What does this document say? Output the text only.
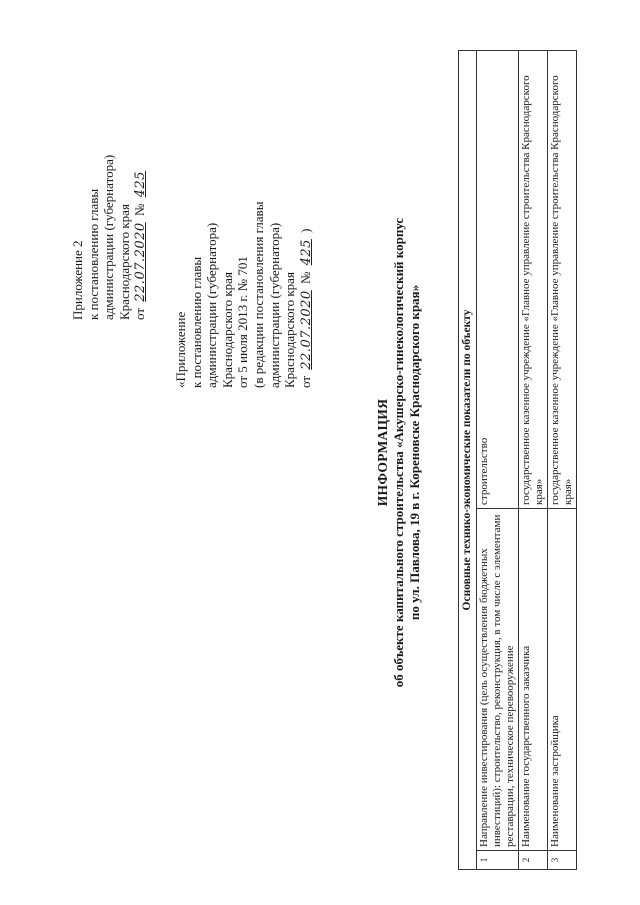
Приложение 2 к постановлению главы администрации (губернатора) Краснодарского края от 22.07.2020 № 425
«Приложение к постановлению главы администрации (губернатора) Краснодарского края от 5 июля 2013 г. № 701 (в редакции постановления главы администрации (губернатора) Краснодарского края от 22.07.2020 № 425 )
ИНФОРМАЦИЯ об объекте капитального строительства «Акушерско-гинекологический корпус по ул. Павлова, 19 в г. Кореновске Краснодарского края»	Основные технико-экономические показатели по объекту		
1	Направление инвестирования (цель осуществления бюджетных инвестиций): строительство, реконструкция, в том числе с элементами реставрации, техническое перевооружение	строительство
2	Наименование государственного заказчика	государственное казенное учреждение «Главное управление строительства Краснодарского края»
3	Наименование застройщика	государственное казенное учреждение «Главное управление строительства Краснодарского края»
